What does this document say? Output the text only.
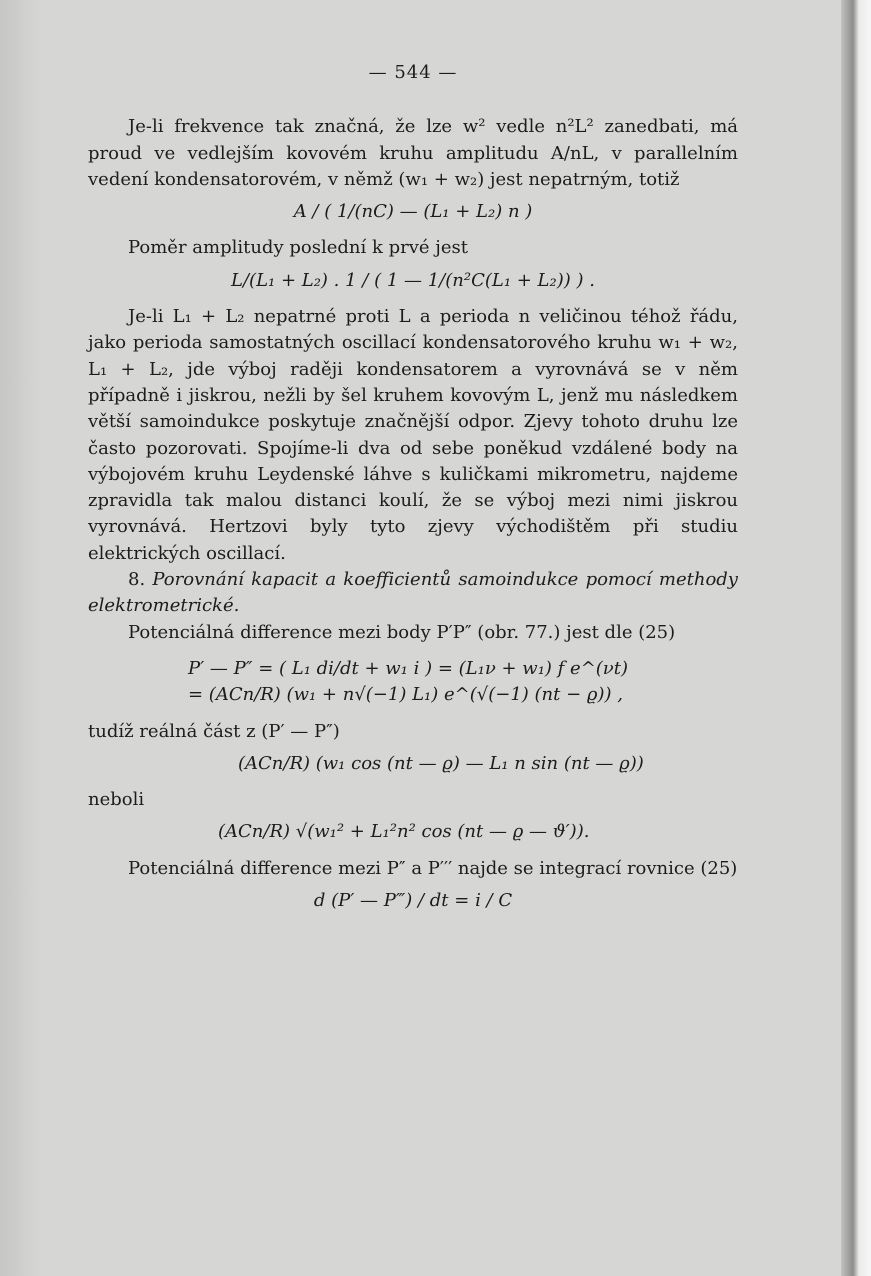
— 544 —

Je-li frekvence tak značná, že lze w² vedle n²L² zanedbati, má proud ve vedlejším kovovém kruhu amplitudu A/nL, v parallelním vedení kondensatorovém, v němž (w₁ + w₂) jest nepatrným, totiž

A / ( 1/(nC) — (L₁ + L₂) n )

Poměr amplitudy poslední k prvé jest

L/(L₁ + L₂) . 1 / ( 1 — 1/(n²C(L₁ + L₂)) ) .

Je-li L₁ + L₂ nepatrné proti L a perioda n veličinou téhož řádu, jako perioda samostatných oscillací kondensatorového kruhu w₁ + w₂, L₁ + L₂, jde výboj raději kondensatorem a vyrovnává se v něm případně i jiskrou, nežli by šel kruhem kovovým L, jenž mu následkem větší samoindukce poskytuje značnější odpor. Zjevy tohoto druhu lze často pozorovati. Spojíme-li dva od sebe poněkud vzdálené body na výbojovém kruhu Leydenské láhve s kuličkami mikrometru, najdeme zpravidla tak malou distanci koulí, že se výboj mezi nimi jiskrou vyrovnává. Hertzovi byly tyto zjevy východištěm při studiu elektrických oscillací.

8. Porovnání kapacit a koefficientů samoindukce pomocí methody elektrometrické.

Potenciálná difference mezi body P′P″ (obr. 77.) jest dle (25)

P′ — P″ = ( L₁ di/dt + w₁ i ) = (L₁ν + w₁) f e^(νt)
= (ACn/R) (w₁ + n√(−1) L₁) e^(√(−1) (nt − ϱ)) ,

tudíž reálná část z (P′ — P″)

(ACn/R) (w₁ cos (nt — ϱ) — L₁ n sin (nt — ϱ))

neboli

(ACn/R) √(w₁² + L₁²n² cos (nt — ϱ — ϑ′)).

Potenciálná difference mezi P″ a P′′′ najde se integrací rovnice (25)

d (P′ — P‴) / dt = i / C
